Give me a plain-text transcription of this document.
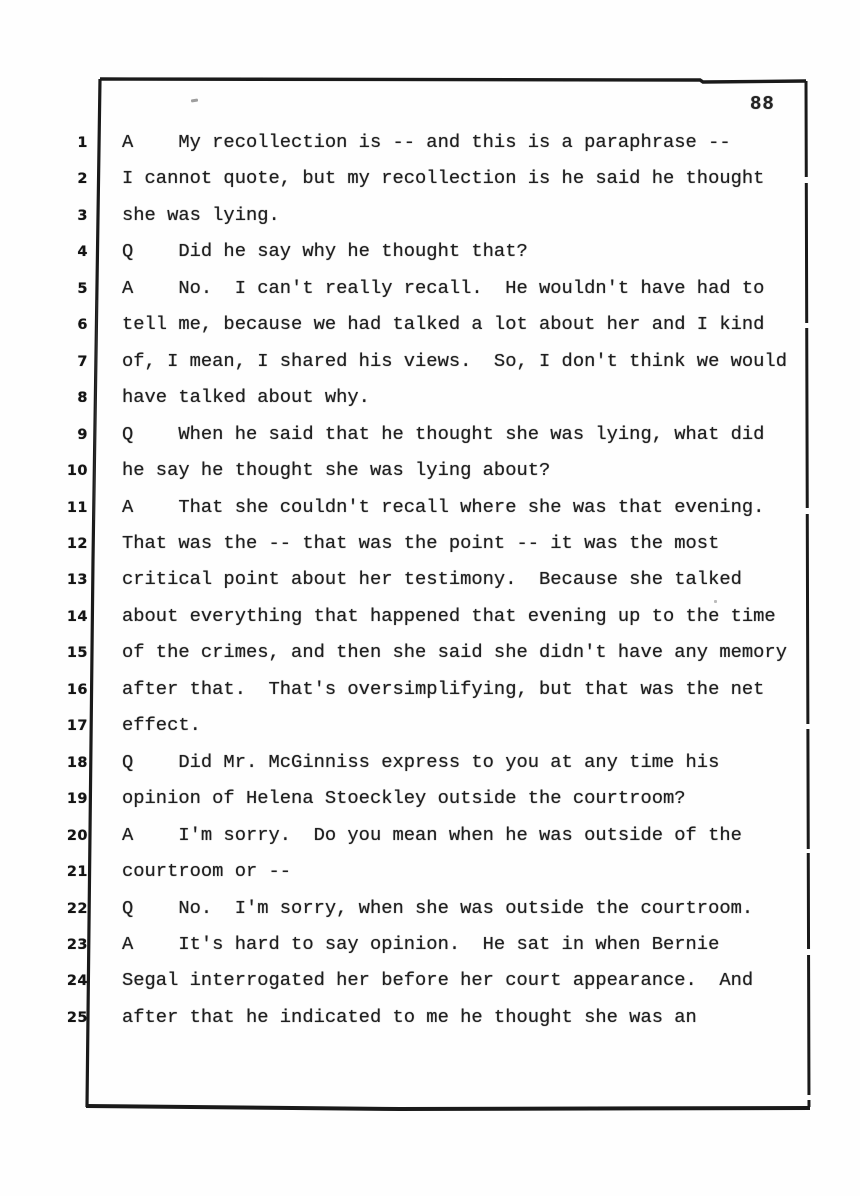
88
1 A    My recollection is -- and this is a paraphrase --
2 I cannot quote, but my recollection is he said he thought
3 she was lying.
4 Q    Did he say why he thought that?
5 A    No.  I can't really recall.  He wouldn't have had to
6 tell me, because we had talked a lot about her and I kind
7 of, I mean, I shared his views.  So, I don't think we would
8 have talked about why.
9 Q    When he said that he thought she was lying, what did
10 he say he thought she was lying about?
11 A    That she couldn't recall where she was that evening.
12 That was the -- that was the point -- it was the most
13 critical point about her testimony.  Because she talked
14 about everything that happened that evening up to the time
15 of the crimes, and then she said she didn't have any memory
16 after that.  That's oversimplifying, but that was the net
17 effect.
18 Q    Did Mr. McGinniss express to you at any time his
19 opinion of Helena Stoeckley outside the courtroom?
20 A    I'm sorry.  Do you mean when he was outside of the
21 courtroom or --
22 Q    No.  I'm sorry, when she was outside the courtroom.
23 A    It's hard to say opinion.  He sat in when Bernie
24 Segal interrogated her before her court appearance.  And
25 after that he indicated to me he thought she was an
